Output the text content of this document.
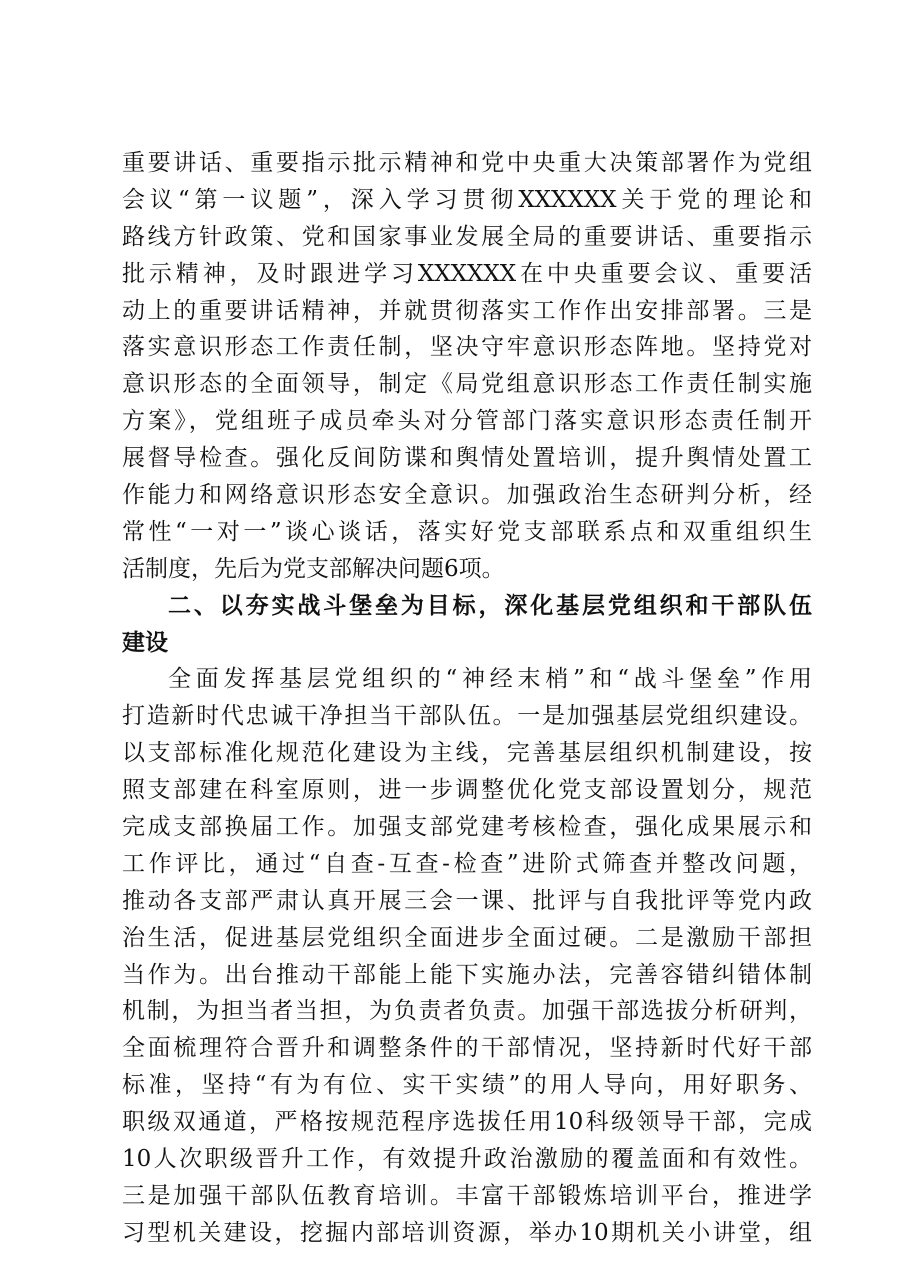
重要讲话、重要指示批示精神和党中央重大决策部署作为党组
会议“第一议题”，深入学习贯彻XXXXXX关于党的理论和
路线方针政策、党和国家事业发展全局的重要讲话、重要指示
批示精神，及时跟进学习XXXXXX在中央重要会议、重要活
动上的重要讲话精神，并就贯彻落实工作作出安排部署。三是
落实意识形态工作责任制，坚决守牢意识形态阵地。坚持党对
意识形态的全面领导，制定《局党组意识形态工作责任制实施
方案》，党组班子成员牵头对分管部门落实意识形态责任制开
展督导检查。强化反间防谍和舆情处置培训，提升舆情处置工
作能力和网络意识形态安全意识。加强政治生态研判分析，经
常性“一对一”谈心谈话，落实好党支部联系点和双重组织生
活制度，先后为党支部解决问题6项。
二、以夯实战斗堡垒为目标，深化基层党组织和干部队伍
建设
全面发挥基层党组织的“神经末梢”和“战斗堡垒”作用
打造新时代忠诚干净担当干部队伍。一是加强基层党组织建设。
以支部标准化规范化建设为主线，完善基层组织机制建设，按
照支部建在科室原则，进一步调整优化党支部设置划分，规范
完成支部换届工作。加强支部党建考核检查，强化成果展示和
工作评比，通过“自查-互查-检查”进阶式筛查并整改问题，
推动各支部严肃认真开展三会一课、批评与自我批评等党内政
治生活，促进基层党组织全面进步全面过硬。二是激励干部担
当作为。出台推动干部能上能下实施办法，完善容错纠错体制
机制，为担当者当担，为负责者负责。加强干部选拔分析研判，
全面梳理符合晋升和调整条件的干部情况，坚持新时代好干部
标准，坚持“有为有位、实干实绩”的用人导向，用好职务、
职级双通道，严格按规范程序选拔任用10科级领导干部，完成
10人次职级晋升工作，有效提升政治激励的覆盖面和有效性。
三是加强干部队伍教育培训。丰富干部锻炼培训平台，推进学
习型机关建设，挖掘内部培训资源，举办10期机关小讲堂，组
